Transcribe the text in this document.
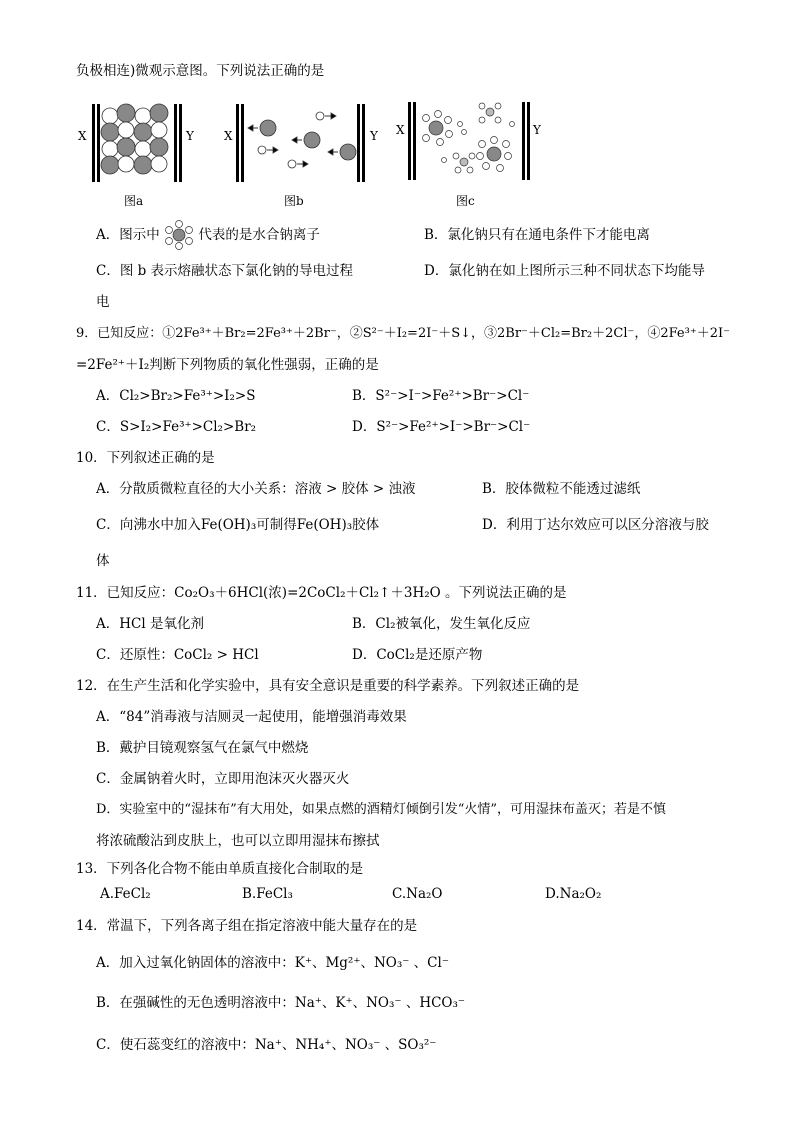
负极相连)微观示意图。下列说法正确的是
X	Y
图a
X	Y
图b
X	Y
图c
A．图示中	代表的是水合钠离子	B．氯化钠只有在通电条件下才能电离
C．图 b 表示熔融状态下氯化钠的导电过程	D．氯化钠在如上图所示三种不同状态下均能导
电
9．已知反应：①2Fe³⁺＋Br₂=2Fe³⁺＋2Br⁻，②S²⁻＋I₂=2I⁻＋S↓，③2Br⁻＋Cl₂=Br₂＋2Cl⁻，④2Fe³⁺＋2I⁻
=2Fe²⁺＋I₂判断下列物质的氧化性强弱，正确的是
A．Cl₂>Br₂>Fe³⁺>I₂>S	B．S²⁻>I⁻>Fe²⁺>Br⁻>Cl⁻
C．S>I₂>Fe³⁺>Cl₂>Br₂	D．S²⁻>Fe²⁺>I⁻>Br⁻>Cl⁻
10．下列叙述正确的是
A．分散质微粒直径的大小关系：溶液 > 胶体 > 浊液	B．胶体微粒不能透过滤纸
C．向沸水中加入Fe(OH)₃可制得Fe(OH)₃胶体	D．利用丁达尔效应可以区分溶液与胶
体
11．已知反应：Co₂O₃＋6HCl(浓)=2CoCl₂＋Cl₂↑＋3H₂O 。下列说法正确的是
A．HCl 是氧化剂	B．Cl₂被氧化，发生氧化反应
C．还原性：CoCl₂ > HCl	D．CoCl₂是还原产物
12．在生产生活和化学实验中，具有安全意识是重要的科学素养。下列叙述正确的是
A．“84”消毒液与洁厕灵一起使用，能增强消毒效果
B．戴护目镜观察氢气在氯气中燃烧
C．金属钠着火时，立即用泡沫灭火器灭火
D．实验室中的“湿抹布”有大用处，如果点燃的酒精灯倾倒引发“火情”，可用湿抹布盖灭；若是不慎
将浓硫酸沾到皮肤上，也可以立即用湿抹布擦拭
13．下列各化合物不能由单质直接化合制取的是
A.FeCl₂	B.FeCl₃	C.Na₂O	D.Na₂O₂
14．常温下，下列各离子组在指定溶液中能大量存在的是
A．加入过氧化钠固体的溶液中：K⁺、Mg²⁺、NO₃⁻ 、Cl⁻
B．在强碱性的无色透明溶液中：Na⁺、K⁺、NO₃⁻ 、HCO₃⁻
C．使石蕊变红的溶液中：Na⁺、NH₄⁺、NO₃⁻ 、SO₃²⁻
